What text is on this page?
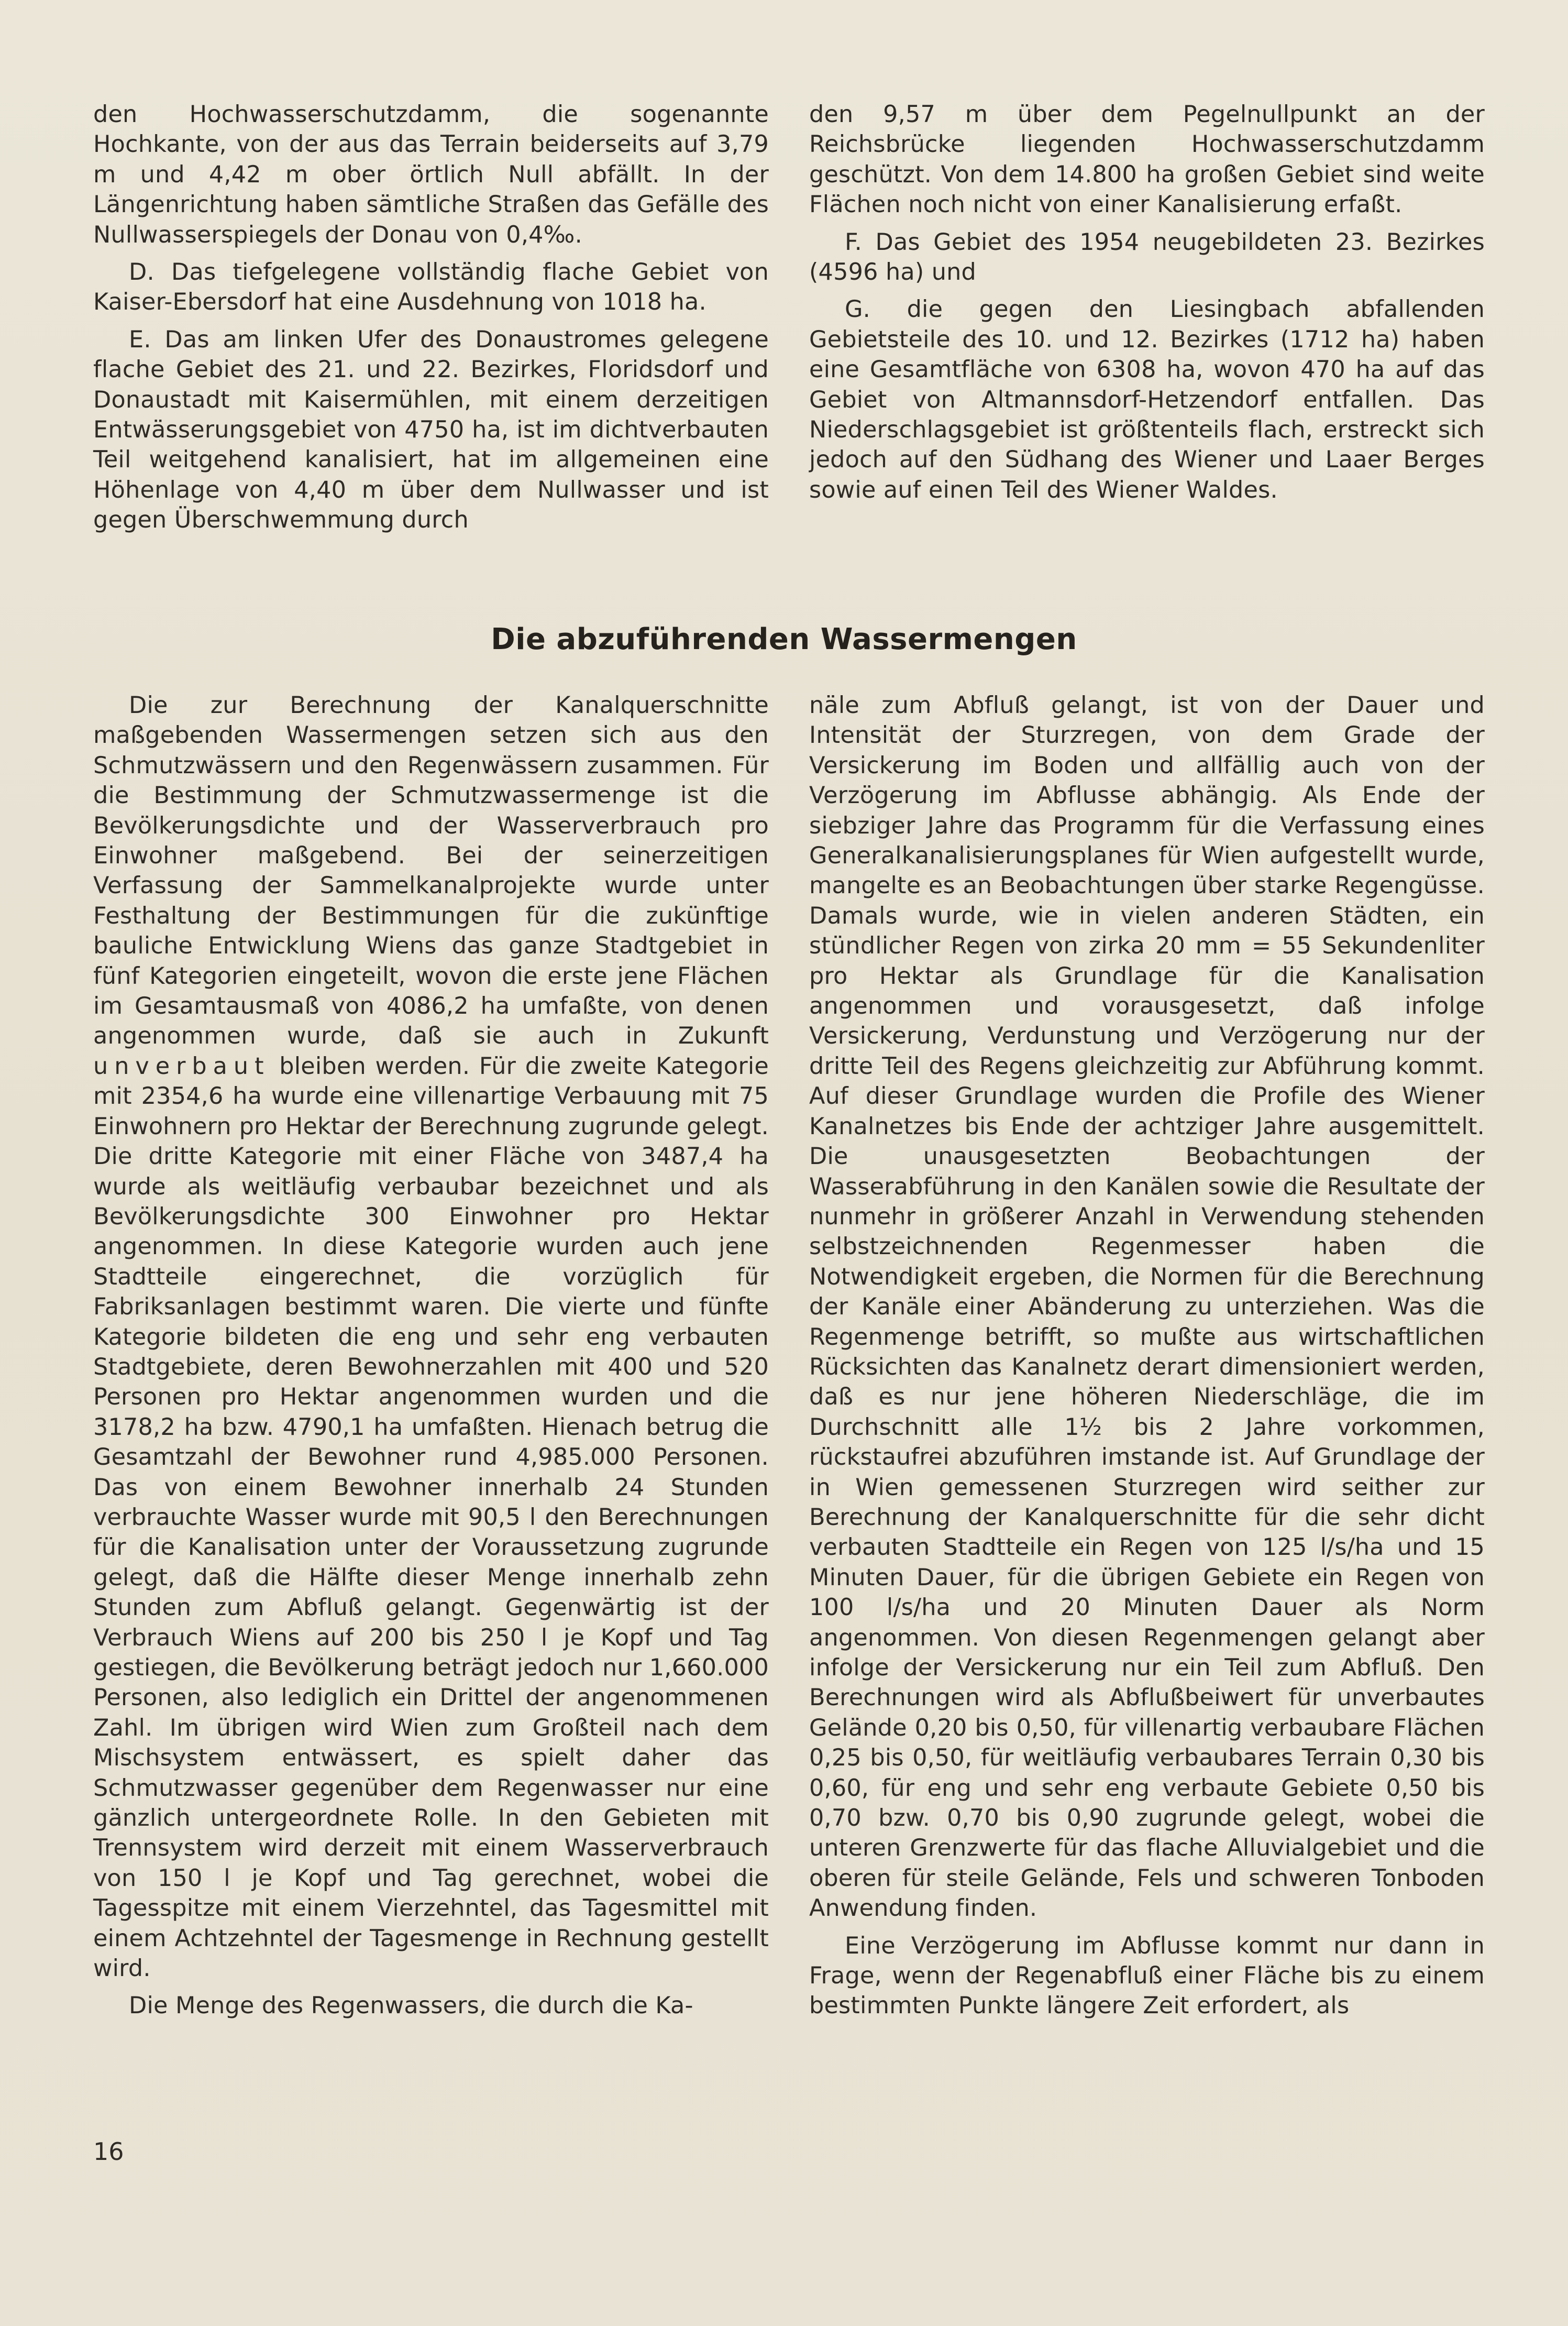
den Hochwasserschutzdamm, die sogenannte Hochkante, von der aus das Terrain beiderseits auf 3,79 m und 4,42 m ober örtlich Null abfällt. In der Längenrichtung haben sämtliche Straßen das Gefälle des Nullwasserspiegels der Donau von 0,4‰.

D. Das tiefgelegene vollständig flache Gebiet von Kaiser-Ebersdorf hat eine Ausdehnung von 1018 ha.

E. Das am linken Ufer des Donaustromes gelegene flache Gebiet des 21. und 22. Bezirkes, Floridsdorf und Donaustadt mit Kaisermühlen, mit einem derzeitigen Entwässerungsgebiet von 4750 ha, ist im dichtverbauten Teil weitgehend kanalisiert, hat im allgemeinen eine Höhenlage von 4,40 m über dem Nullwasser und ist gegen Überschwemmung durch

den 9,57 m über dem Pegelnullpunkt an der Reichsbrücke liegenden Hochwasserschutzdamm geschützt. Von dem 14.800 ha großen Gebiet sind weite Flächen noch nicht von einer Kanalisierung erfaßt.

F. Das Gebiet des 1954 neugebildeten 23. Bezirkes (4596 ha) und

G. die gegen den Liesingbach abfallenden Gebietsteile des 10. und 12. Bezirkes (1712 ha) haben eine Gesamtfläche von 6308 ha, wovon 470 ha auf das Gebiet von Altmannsdorf-Hetzendorf entfallen. Das Niederschlagsgebiet ist größtenteils flach, erstreckt sich jedoch auf den Südhang des Wiener und Laaer Berges sowie auf einen Teil des Wiener Waldes.

Die abzuführenden Wassermengen

Die zur Berechnung der Kanalquerschnitte maßgebenden Wassermengen setzen sich aus den Schmutzwässern und den Regenwässern zusammen. Für die Bestimmung der Schmutzwassermenge ist die Bevölkerungsdichte und der Wasserverbrauch pro Einwohner maßgebend. Bei der seinerzeitigen Verfassung der Sammelkanalprojekte wurde unter Festhaltung der Bestimmungen für die zukünftige bauliche Entwicklung Wiens das ganze Stadtgebiet in fünf Kategorien eingeteilt, wovon die erste jene Flächen im Gesamtausmaß von 4086,2 ha umfaßte, von denen angenommen wurde, daß sie auch in Zukunft unverbaut bleiben werden. Für die zweite Kategorie mit 2354,6 ha wurde eine villenartige Verbauung mit 75 Einwohnern pro Hektar der Berechnung zugrunde gelegt. Die dritte Kategorie mit einer Fläche von 3487,4 ha wurde als weitläufig verbaubar bezeichnet und als Bevölkerungsdichte 300 Einwohner pro Hektar angenommen. In diese Kategorie wurden auch jene Stadtteile eingerechnet, die vorzüglich für Fabriksanlagen bestimmt waren. Die vierte und fünfte Kategorie bildeten die eng und sehr eng verbauten Stadtgebiete, deren Bewohnerzahlen mit 400 und 520 Personen pro Hektar angenommen wurden und die 3178,2 ha bzw. 4790,1 ha umfaßten. Hienach betrug die Gesamtzahl der Bewohner rund 4,985.000 Personen. Das von einem Bewohner innerhalb 24 Stunden verbrauchte Wasser wurde mit 90,5 l den Berechnungen für die Kanalisation unter der Voraussetzung zugrunde gelegt, daß die Hälfte dieser Menge innerhalb zehn Stunden zum Abfluß gelangt. Gegenwärtig ist der Verbrauch Wiens auf 200 bis 250 l je Kopf und Tag gestiegen, die Bevölkerung beträgt jedoch nur 1,660.000 Personen, also lediglich ein Drittel der angenommenen Zahl. Im übrigen wird Wien zum Großteil nach dem Mischsystem entwässert, es spielt daher das Schmutzwasser gegenüber dem Regenwasser nur eine gänzlich untergeordnete Rolle. In den Gebieten mit Trennsystem wird derzeit mit einem Wasserverbrauch von 150 l je Kopf und Tag gerechnet, wobei die Tagesspitze mit einem Vierzehntel, das Tagesmittel mit einem Achtzehntel der Tagesmenge in Rechnung gestellt wird.

Die Menge des Regenwassers, die durch die Ka-

näle zum Abfluß gelangt, ist von der Dauer und Intensität der Sturzregen, von dem Grade der Versickerung im Boden und allfällig auch von der Verzögerung im Abflusse abhängig. Als Ende der siebziger Jahre das Programm für die Verfassung eines Generalkanalisierungsplanes für Wien aufgestellt wurde, mangelte es an Beobachtungen über starke Regengüsse. Damals wurde, wie in vielen anderen Städten, ein stündlicher Regen von zirka 20 mm = 55 Sekundenliter pro Hektar als Grundlage für die Kanalisation angenommen und vorausgesetzt, daß infolge Versickerung, Verdunstung und Verzögerung nur der dritte Teil des Regens gleichzeitig zur Abführung kommt. Auf dieser Grundlage wurden die Profile des Wiener Kanalnetzes bis Ende der achtziger Jahre ausgemittelt. Die unausgesetzten Beobachtungen der Wasserabführung in den Kanälen sowie die Resultate der nunmehr in größerer Anzahl in Verwendung stehenden selbstzeichnenden Regenmesser haben die Notwendigkeit ergeben, die Normen für die Berechnung der Kanäle einer Abänderung zu unterziehen. Was die Regenmenge betrifft, so mußte aus wirtschaftlichen Rücksichten das Kanalnetz derart dimensioniert werden, daß es nur jene höheren Niederschläge, die im Durchschnitt alle 1½ bis 2 Jahre vorkommen, rückstaufrei abzuführen imstande ist. Auf Grundlage der in Wien gemessenen Sturzregen wird seither zur Berechnung der Kanalquerschnitte für die sehr dicht verbauten Stadtteile ein Regen von 125 l/s/ha und 15 Minuten Dauer, für die übrigen Gebiete ein Regen von 100 l/s/ha und 20 Minuten Dauer als Norm angenommen. Von diesen Regenmengen gelangt aber infolge der Versickerung nur ein Teil zum Abfluß. Den Berechnungen wird als Abflußbeiwert für unverbautes Gelände 0,20 bis 0,50, für villenartig verbaubare Flächen 0,25 bis 0,50, für weitläufig verbaubares Terrain 0,30 bis 0,60, für eng und sehr eng verbaute Gebiete 0,50 bis 0,70 bzw. 0,70 bis 0,90 zugrunde gelegt, wobei die unteren Grenzwerte für das flache Alluvialgebiet und die oberen für steile Gelände, Fels und schweren Tonboden Anwendung finden.

Eine Verzögerung im Abflusse kommt nur dann in Frage, wenn der Regenabfluß einer Fläche bis zu einem bestimmten Punkte längere Zeit erfordert, als

16
